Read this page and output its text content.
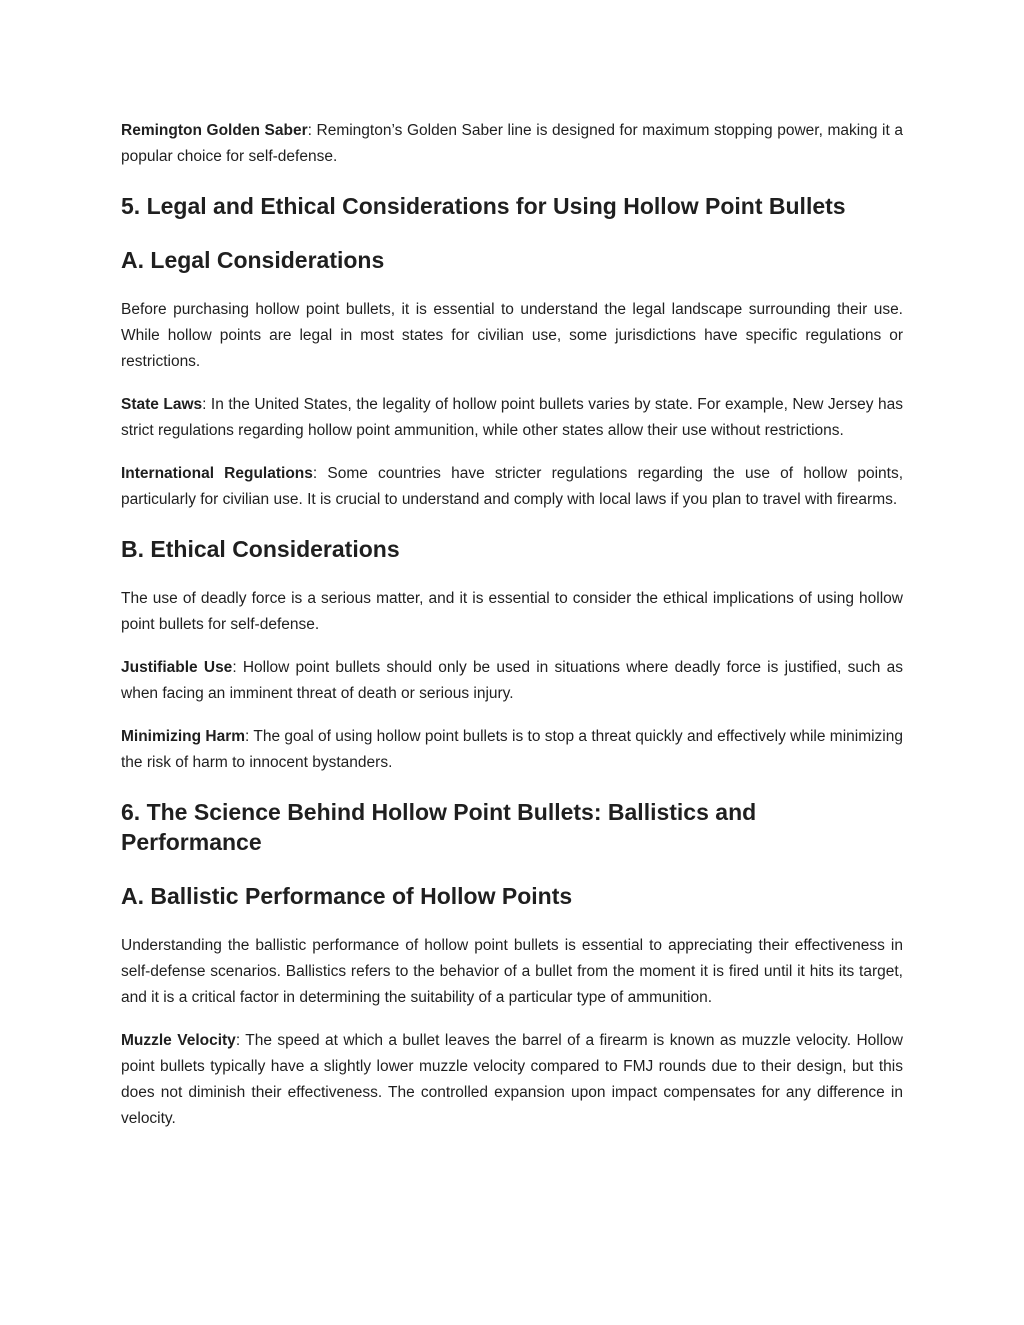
Remington Golden Saber: Remington’s Golden Saber line is designed for maximum stopping power, making it a popular choice for self-defense.

5. Legal and Ethical Considerations for Using Hollow Point Bullets
A. Legal Considerations

Before purchasing hollow point bullets, it is essential to understand the legal landscape surrounding their use. While hollow points are legal in most states for civilian use, some jurisdictions have specific regulations or restrictions.

State Laws: In the United States, the legality of hollow point bullets varies by state. For example, New Jersey has strict regulations regarding hollow point ammunition, while other states allow their use without restrictions.

International Regulations: Some countries have stricter regulations regarding the use of hollow points, particularly for civilian use. It is crucial to understand and comply with local laws if you plan to travel with firearms.

B. Ethical Considerations

The use of deadly force is a serious matter, and it is essential to consider the ethical implications of using hollow point bullets for self-defense.

Justifiable Use: Hollow point bullets should only be used in situations where deadly force is justified, such as when facing an imminent threat of death or serious injury.

Minimizing Harm: The goal of using hollow point bullets is to stop a threat quickly and effectively while minimizing the risk of harm to innocent bystanders.

6. The Science Behind Hollow Point Bullets: Ballistics and Performance
A. Ballistic Performance of Hollow Points

Understanding the ballistic performance of hollow point bullets is essential to appreciating their effectiveness in self-defense scenarios. Ballistics refers to the behavior of a bullet from the moment it is fired until it hits its target, and it is a critical factor in determining the suitability of a particular type of ammunition.

Muzzle Velocity: The speed at which a bullet leaves the barrel of a firearm is known as muzzle velocity. Hollow point bullets typically have a slightly lower muzzle velocity compared to FMJ rounds due to their design, but this does not diminish their effectiveness. The controlled expansion upon impact compensates for any difference in velocity.
